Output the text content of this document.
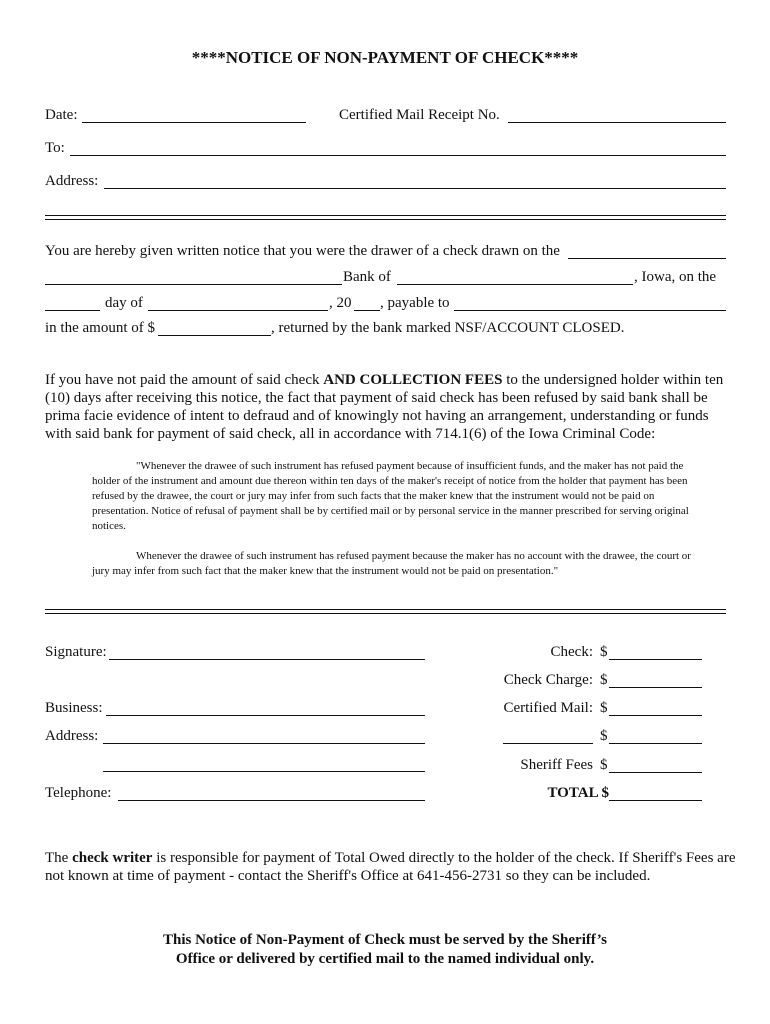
****NOTICE OF NON-PAYMENT OF CHECK****
Date:	Certified Mail Receipt No.
To:
Address:
You are hereby given written notice that you were the drawer of a check drawn on the
Bank of	, Iowa, on the
day of	, 20 , payable to
in the amount of $	, returned by the bank marked NSF/ACCOUNT CLOSED.
If you have not paid the amount of said check AND COLLECTION FEES to the undersigned holder within ten (10) days after receiving this notice, the fact that payment of said check has been refused by said bank shall be prima facie evidence of intent to defraud and of knowingly not having an arrangement, understanding or funds with said bank for payment of said check, all in accordance with 714.1(6) of the Iowa Criminal Code:
"Whenever the drawee of such instrument has refused payment because of insufficient funds, and the maker has not paid the holder of the instrument and amount due thereon within ten days of the maker's receipt of notice from the holder that payment has been refused by the drawee, the court or jury may infer from such facts that the maker knew that the instrument would not be paid on presentation. Notice of refusal of payment shall be by certified mail or by personal service in the manner prescribed for serving original notices.
Whenever the drawee of such instrument has refused payment because the maker has no account with the drawee, the court or jury may infer from such fact that the maker knew that the instrument would not be paid on presentation."
Signature:
Business:
Address:
Telephone:
Check: $
Check Charge: $
Certified Mail: $
$
Sheriff Fees $
TOTAL $
The check writer is responsible for payment of Total Owed directly to the holder of the check. If Sheriff's Fees are not known at time of payment - contact the Sheriff's Office at 641-456-2731 so they can be included.
This Notice of Non-Payment of Check must be served by the Sheriff’s
Office or delivered by certified mail to the named individual only.
